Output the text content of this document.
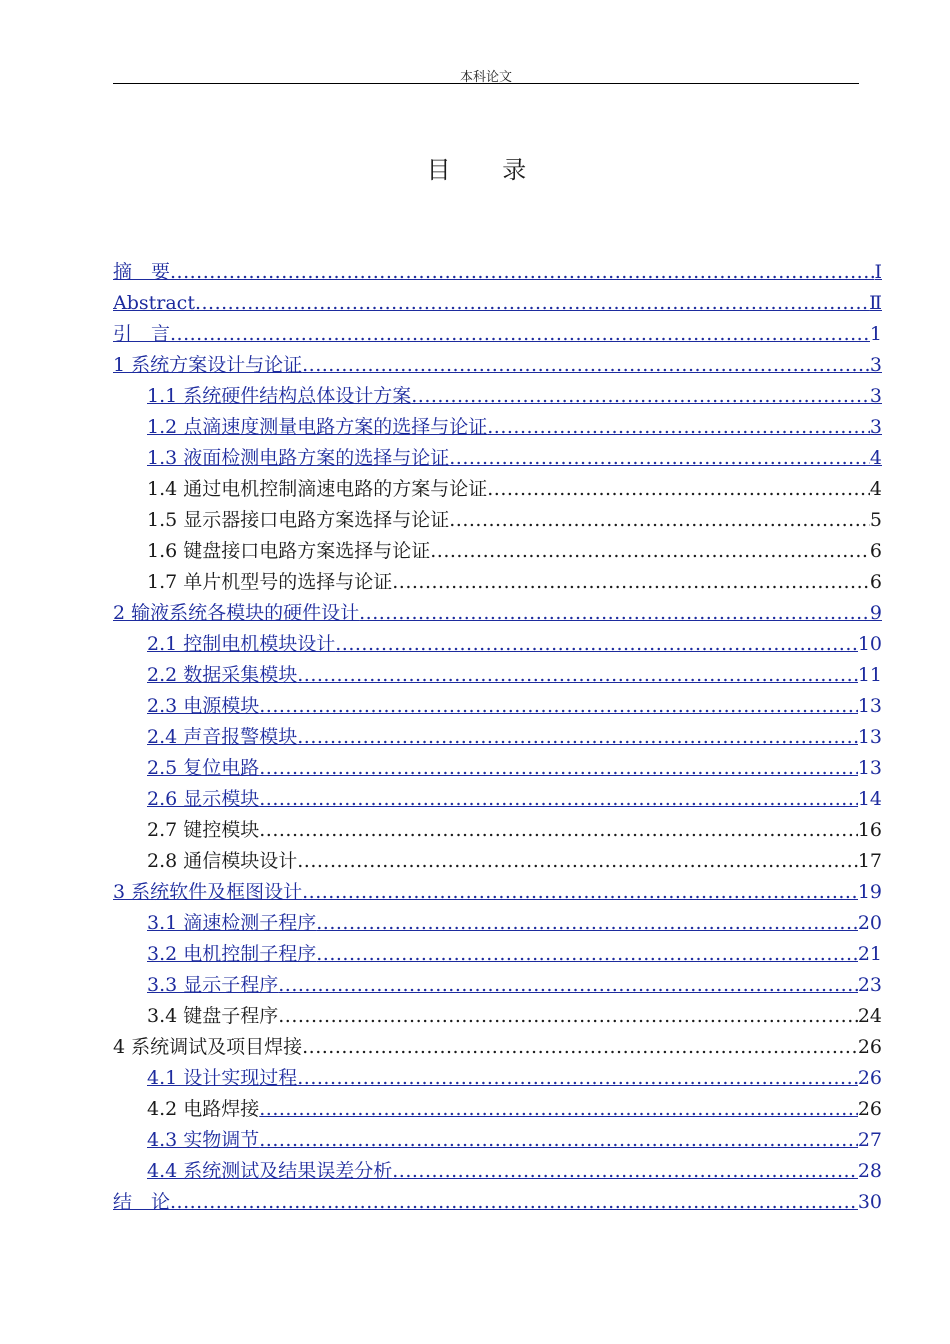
本科论文
目 录
摘　要 .....	Ⅰ
Abstract .....	Ⅱ
引　言 .....	1
1 系统方案设计与论证 .....	3
1.1 系统硬件结构总体设计方案 .....	3
1.2 点滴速度测量电路方案的选择与论证 .....	3
1.3 液面检测电路方案的选择与论证 .....	4
1.4 通过电机控制滴速电路的方案与论证 .....	4
1.5 显示器接口电路方案选择与论证 .....	5
1.6 键盘接口电路方案选择与论证 .....	6
1.7 单片机型号的选择与论证 .....	6
2 输液系统各模块的硬件设计 .....	9
2.1 控制电机模块设计 .....	10
2.2 数据采集模块 .....	11
2.3 电源模块 .....	13
2.4 声音报警模块 .....	13
2.5 复位电路 .....	13
2.6 显示模块 .....	14
2.7 键控模块 .....	16
2.8 通信模块设计 .....	17
3 系统软件及框图设计 .....	19
3.1 滴速检测子程序 .....	20
3.2 电机控制子程序 .....	21
3.3 显示子程序 .....	23
3.4 键盘子程序 .....	24
4 系统调试及项目焊接 .....	26
4.1 设计实现过程 .....	26
4.2 电路焊接 .....	26
4.3 实物调节 .....	27
4.4 系统测试及结果误差分析 .....	28
结　论 .....	30
